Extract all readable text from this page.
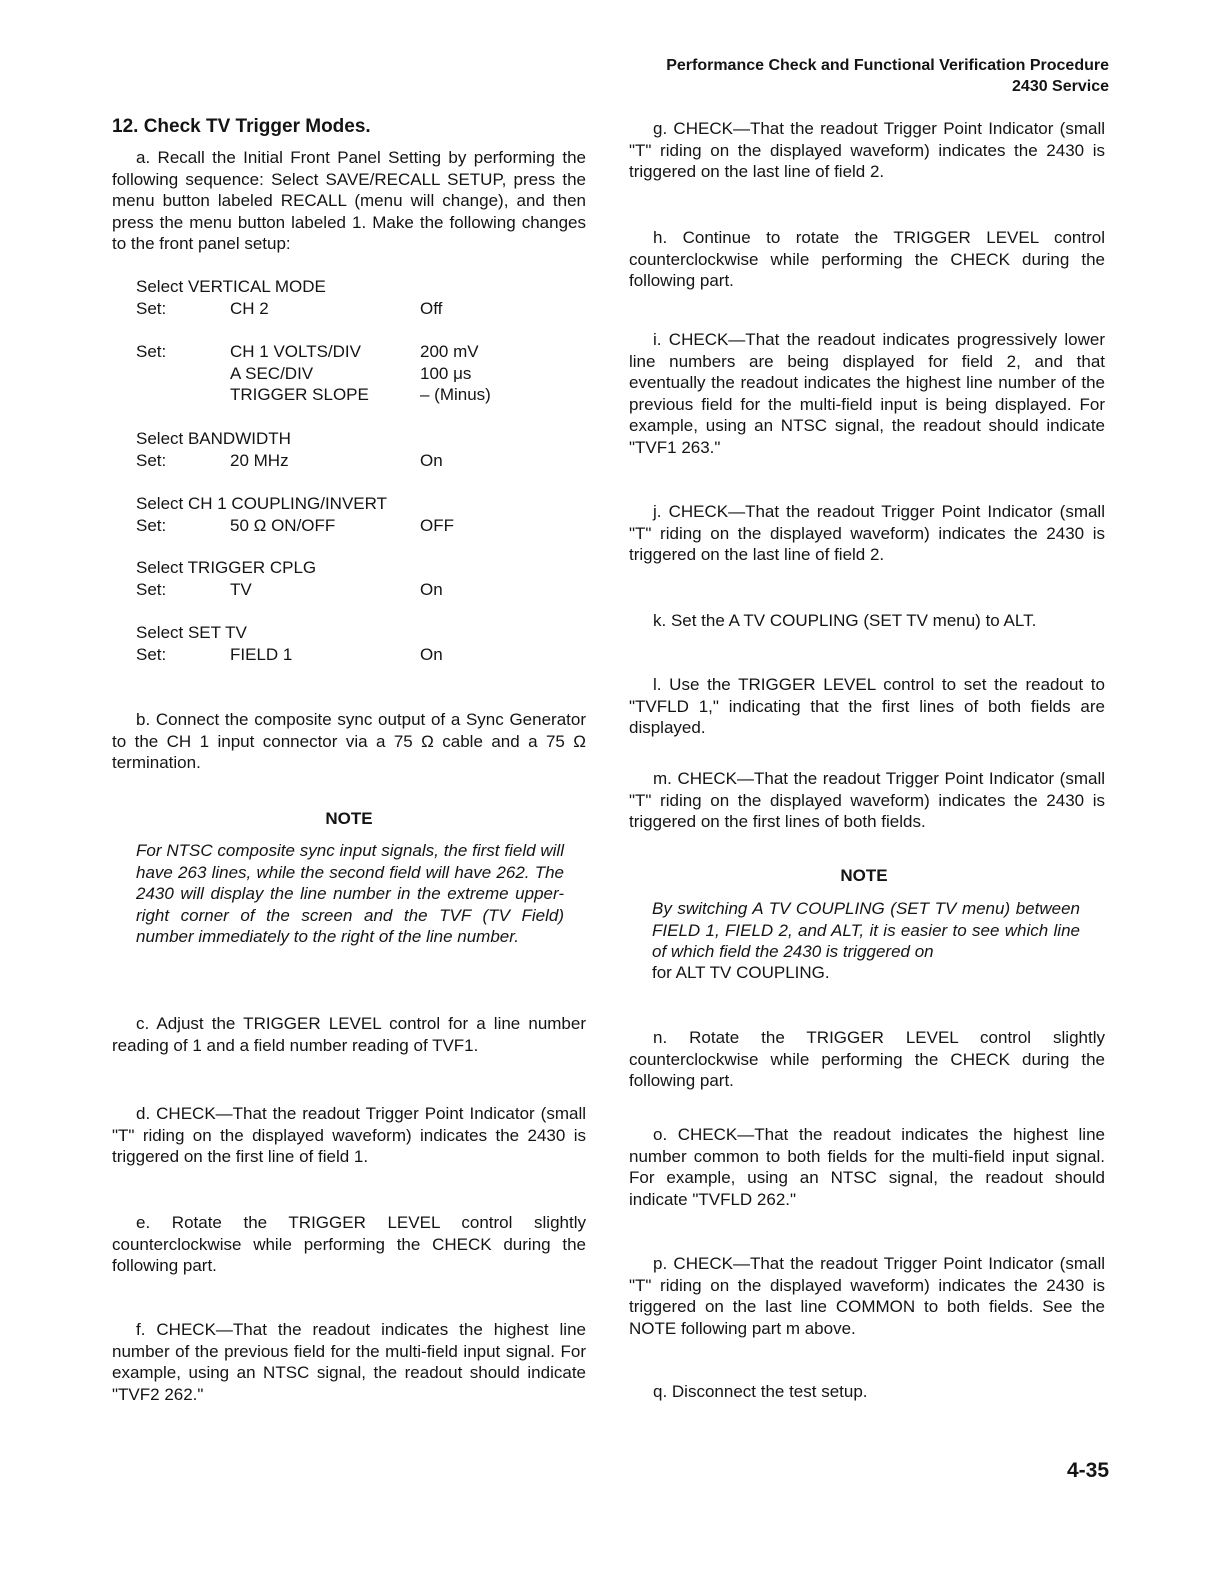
Performance Check and Functional Verification Procedure
2430 Service
12. Check TV Trigger Modes.

a. Recall the Initial Front Panel Setting by performing the following sequence: Select SAVE/RECALL SETUP, press the menu button labeled RECALL (menu will change), and then press the menu button labeled 1. Make the following changes to the front panel setup:

Select VERTICAL MODE
Set:	CH 2	Off
Set:	CH 1 VOLTS/DIV	200 mV
A SEC/DIV	100 μs
TRIGGER SLOPE	– (Minus)
Select BANDWIDTH
Set:	20 MHz	On
Select CH 1 COUPLING/INVERT
Set:	50 Ω ON/OFF	OFF
Select TRIGGER CPLG
Set:	TV	On
Select SET TV
Set:	FIELD 1	On

b. Connect the composite sync output of a Sync Generator to the CH 1 input connector via a 75 Ω cable and a 75 Ω termination.

NOTE

For NTSC composite sync input signals, the first field will have 263 lines, while the second field will have 262. The 2430 will display the line number in the extreme upper-right corner of the screen and the TVF (TV Field) number immediately to the right of the line number.

c. Adjust the TRIGGER LEVEL control for a line number reading of 1 and a field number reading of TVF1.

d. CHECK—That the readout Trigger Point Indicator (small "T" riding on the displayed waveform) indicates the 2430 is triggered on the first line of field 1.

e. Rotate the TRIGGER LEVEL control slightly counterclockwise while performing the CHECK during the following part.

f. CHECK—That the readout indicates the highest line number of the previous field for the multi-field input signal. For example, using an NTSC signal, the readout should indicate "TVF2 262."

g. CHECK—That the readout Trigger Point Indicator (small "T" riding on the displayed waveform) indicates the 2430 is triggered on the last line of field 2.

h. Continue to rotate the TRIGGER LEVEL control counterclockwise while performing the CHECK during the following part.

i. CHECK—That the readout indicates progressively lower line numbers are being displayed for field 2, and that eventually the readout indicates the highest line number of the previous field for the multi-field input is being displayed. For example, using an NTSC signal, the readout should indicate "TVF1 263."

j. CHECK—That the readout Trigger Point Indicator (small "T" riding on the displayed waveform) indicates the 2430 is triggered on the last line of field 2.

k. Set the A TV COUPLING (SET TV menu) to ALT.

l. Use the TRIGGER LEVEL control to set the readout to "TVFLD 1," indicating that the first lines of both fields are displayed.

m. CHECK—That the readout Trigger Point Indicator (small "T" riding on the displayed waveform) indicates the 2430 is triggered on the first lines of both fields.

NOTE

By switching A TV COUPLING (SET TV menu) between FIELD 1, FIELD 2, and ALT, it is easier to see which line of which field the 2430 is triggered on

for ALT TV COUPLING.

n. Rotate the TRIGGER LEVEL control slightly counterclockwise while performing the CHECK during the following part.

o. CHECK—That the readout indicates the highest line number common to both fields for the multi-field input signal. For example, using an NTSC signal, the readout should indicate "TVFLD 262."

p. CHECK—That the readout Trigger Point Indicator (small "T" riding on the displayed waveform) indicates the 2430 is triggered on the last line COMMON to both fields. See the NOTE following part m above.

q. Disconnect the test setup.

4-35
